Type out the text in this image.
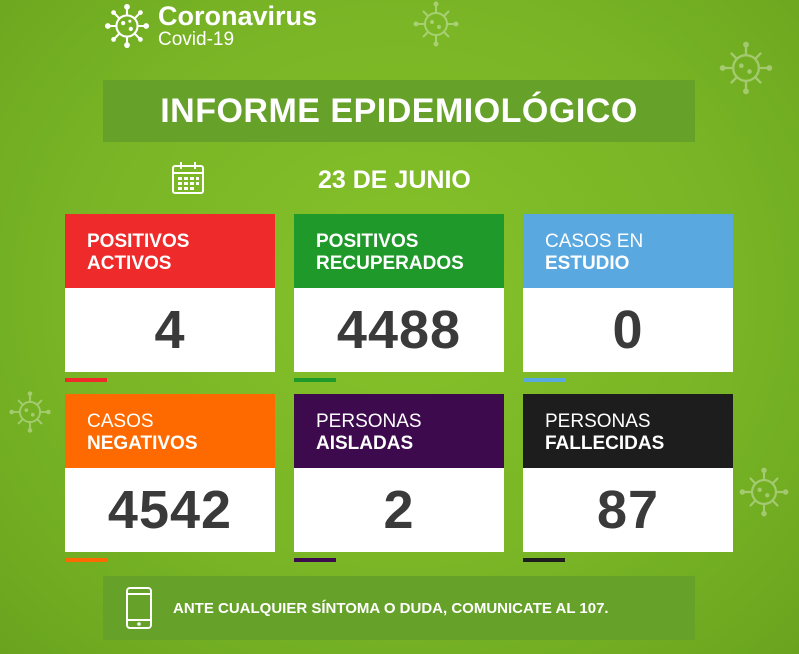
Coronavirus
Covid-19
INFORME EPIDEMIOLÓGICO
23 DE JUNIO
POSITIVOS
ACTIVOS
4
POSITIVOS
RECUPERADOS
4488
CASOS EN
ESTUDIO
0
CASOS
NEGATIVOS
4542
PERSONAS
AISLADAS
2
PERSONAS
FALLECIDAS
87
ANTE CUALQUIER SÍNTOMA O DUDA, COMUNICATE AL 107.
